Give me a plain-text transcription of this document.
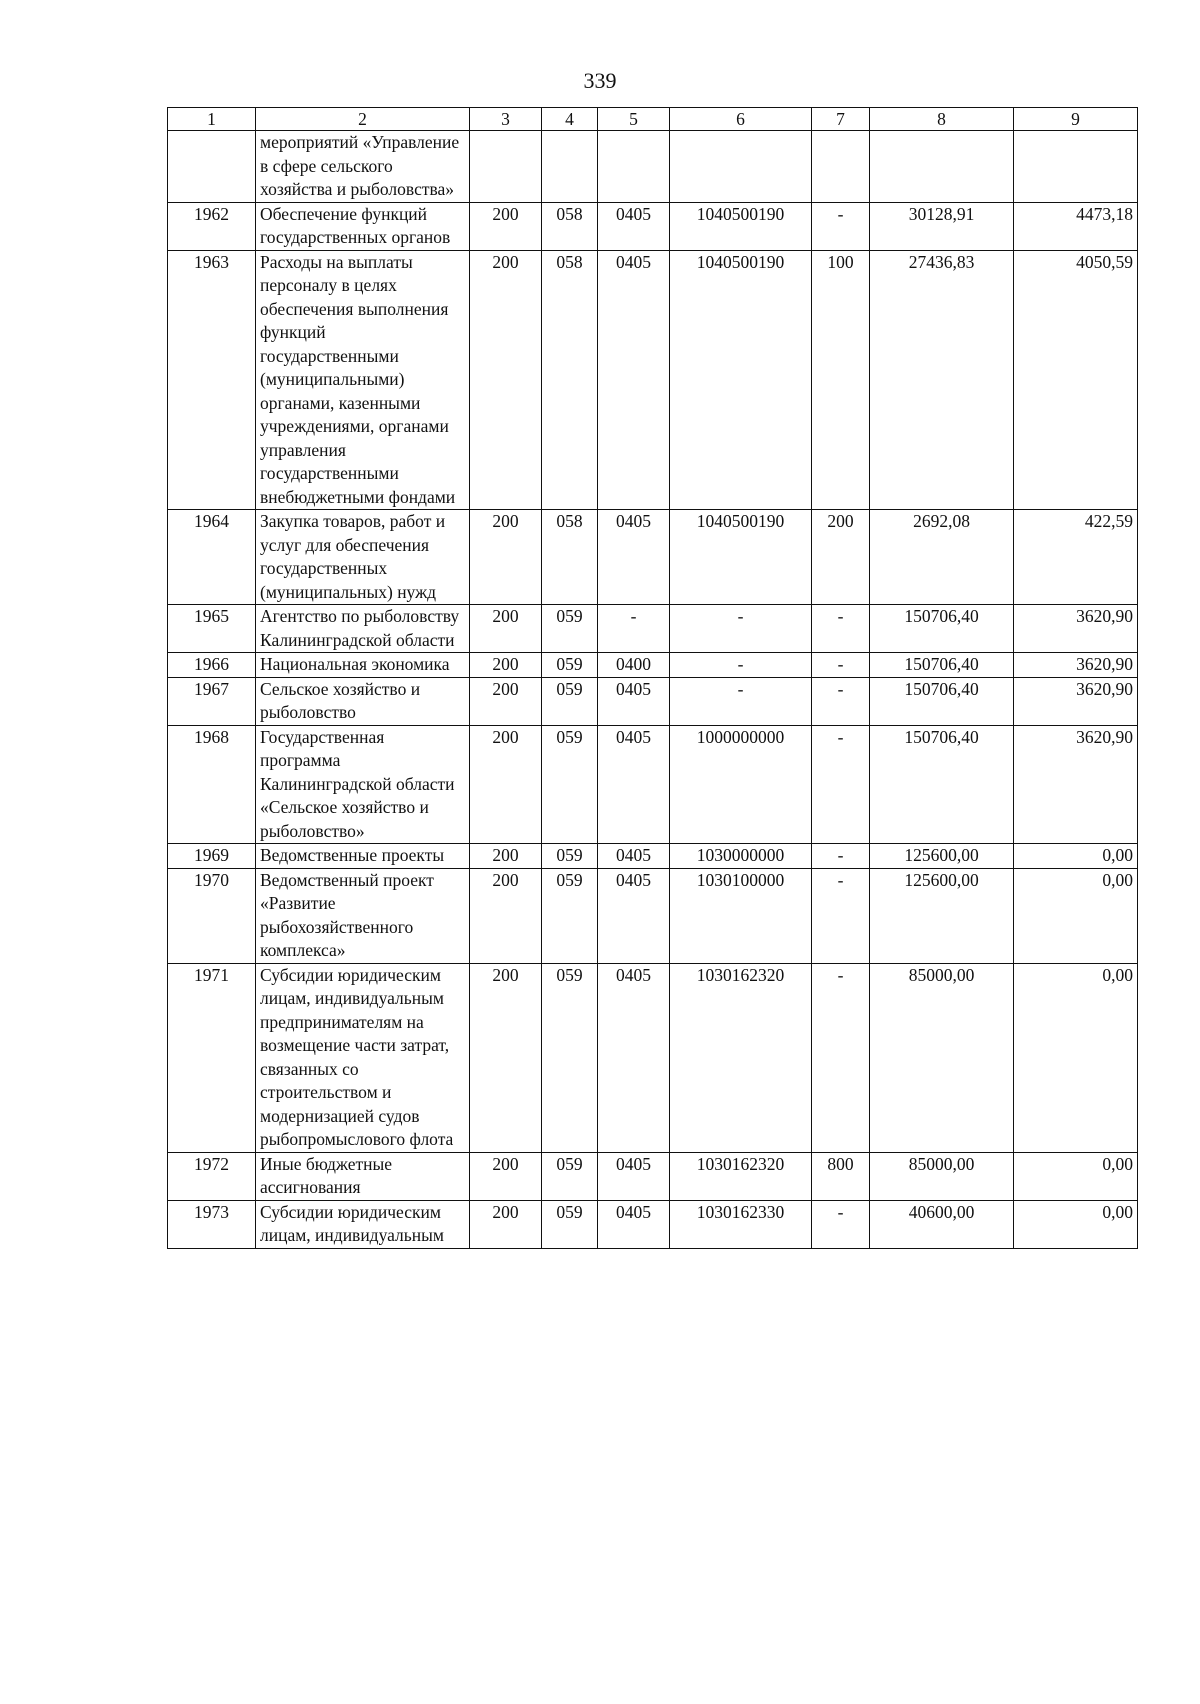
339
1	2	3	4	5	6	7	8	9
	мероприятий «Управление в сфере сельского хозяйства и рыболовства»							
1962	Обеспечение функций государственных органов	200	058	0405	1040500190	-	30128,91	4473,18
1963	Расходы на выплаты персоналу в целях обеспечения выполнения функций государственными (муниципальными) органами, казенными учреждениями, органами управления государственными внебюджетными фондами	200	058	0405	1040500190	100	27436,83	4050,59
1964	Закупка товаров, работ и услуг для обеспечения государственных (муниципальных) нужд	200	058	0405	1040500190	200	2692,08	422,59
1965	Агентство по рыболовству Калининградской области	200	059	-	-	-	150706,40	3620,90
1966	Национальная экономика	200	059	0400	-	-	150706,40	3620,90
1967	Сельское хозяйство и рыболовство	200	059	0405	-	-	150706,40	3620,90
1968	Государственная программа Калининградской области «Сельское хозяйство и рыболовство»	200	059	0405	1000000000	-	150706,40	3620,90
1969	Ведомственные проекты	200	059	0405	1030000000	-	125600,00	0,00
1970	Ведомственный проект «Развитие рыбохозяйственного комплекса»	200	059	0405	1030100000	-	125600,00	0,00
1971	Субсидии юридическим лицам, индивидуальным предпринимателям на возмещение части затрат, связанных со строительством и модернизацией судов рыбопромыслового флота	200	059	0405	1030162320	-	85000,00	0,00
1972	Иные бюджетные ассигнования	200	059	0405	1030162320	800	85000,00	0,00
1973	Субсидии юридическим лицам, индивидуальным	200	059	0405	1030162330	-	40600,00	0,00
